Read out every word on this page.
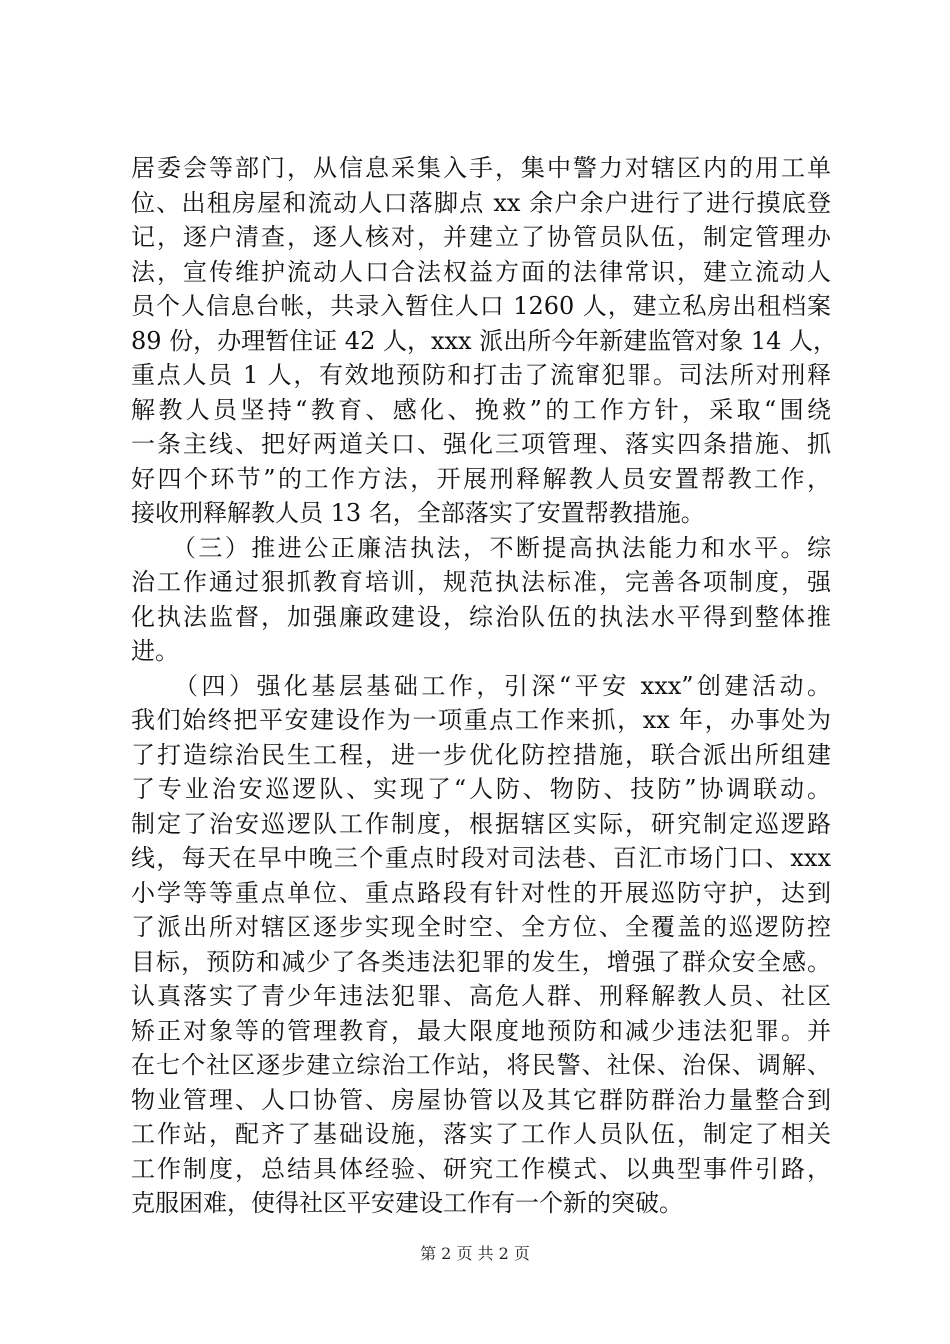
居委会等部门，从信息采集入手，集中警力对辖区内的用工单
位、出租房屋和流动人口落脚点 xx 余户余户进行了进行摸底登
记，逐户清查，逐人核对，并建立了协管员队伍，制定管理办
法，宣传维护流动人口合法权益方面的法律常识，建立流动人
员个人信息台帐，共录入暂住人口 1260 人，建立私房出租档案
89 份，办理暂住证 42 人，xxx 派出所今年新建监管对象 14 人，
重点人员 1 人，有效地预防和打击了流窜犯罪。司法所对刑释
解教人员坚持“教育、感化、挽救”的工作方针，采取“围绕
一条主线、把好两道关口、强化三项管理、落实四条措施、抓
好四个环节”的工作方法，开展刑释解教人员安置帮教工作，
接收刑释解教人员 13 名，全部落实了安置帮教措施。
　　（三）推进公正廉洁执法，不断提高执法能力和水平。综
治工作通过狠抓教育培训，规范执法标准，完善各项制度，强
化执法监督，加强廉政建设，综治队伍的执法水平得到整体推
进。
　　（四）强化基层基础工作，引深“平安 xxx”创建活动。
我们始终把平安建设作为一项重点工作来抓，xx 年，办事处为
了打造综治民生工程，进一步优化防控措施，联合派出所组建
了专业治安巡逻队、实现了“人防、物防、技防”协调联动。
制定了治安巡逻队工作制度，根据辖区实际，研究制定巡逻路
线，每天在早中晚三个重点时段对司法巷、百汇市场门口、xxx
小学等等重点单位、重点路段有针对性的开展巡防守护，达到
了派出所对辖区逐步实现全时空、全方位、全覆盖的巡逻防控
目标，预防和减少了各类违法犯罪的发生，增强了群众安全感。
认真落实了青少年违法犯罪、高危人群、刑释解教人员、社区
矫正对象等的管理教育，最大限度地预防和减少违法犯罪。并
在七个社区逐步建立综治工作站，将民警、社保、治保、调解、
物业管理、人口协管、房屋协管以及其它群防群治力量整合到
工作站，配齐了基础设施，落实了工作人员队伍，制定了相关
工作制度，总结具体经验、研究工作模式、以典型事件引路，
克服困难，使得社区平安建设工作有一个新的突破。
第 2 页 共 2 页
